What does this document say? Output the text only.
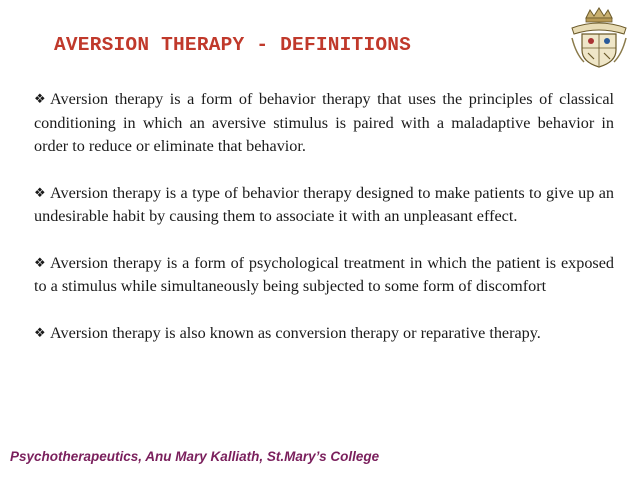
AVERSION THERAPY - DEFINITIONS

❖ Aversion therapy is a form of behavior therapy that uses the principles of classical conditioning in which an aversive stimulus is paired with a maladaptive behavior in order to reduce or eliminate that behavior.

❖ Aversion therapy is a type of behavior therapy designed to make patients to give up an undesirable habit by causing them to associate it with an unpleasant effect.

❖ Aversion therapy is a form of psychological treatment in which the patient is exposed to a stimulus while simultaneously being subjected to some form of discomfort

❖ Aversion therapy is also known as conversion therapy or reparative therapy.

Psychotherapeutics, Anu Mary Kalliath, St.Mary’s College
